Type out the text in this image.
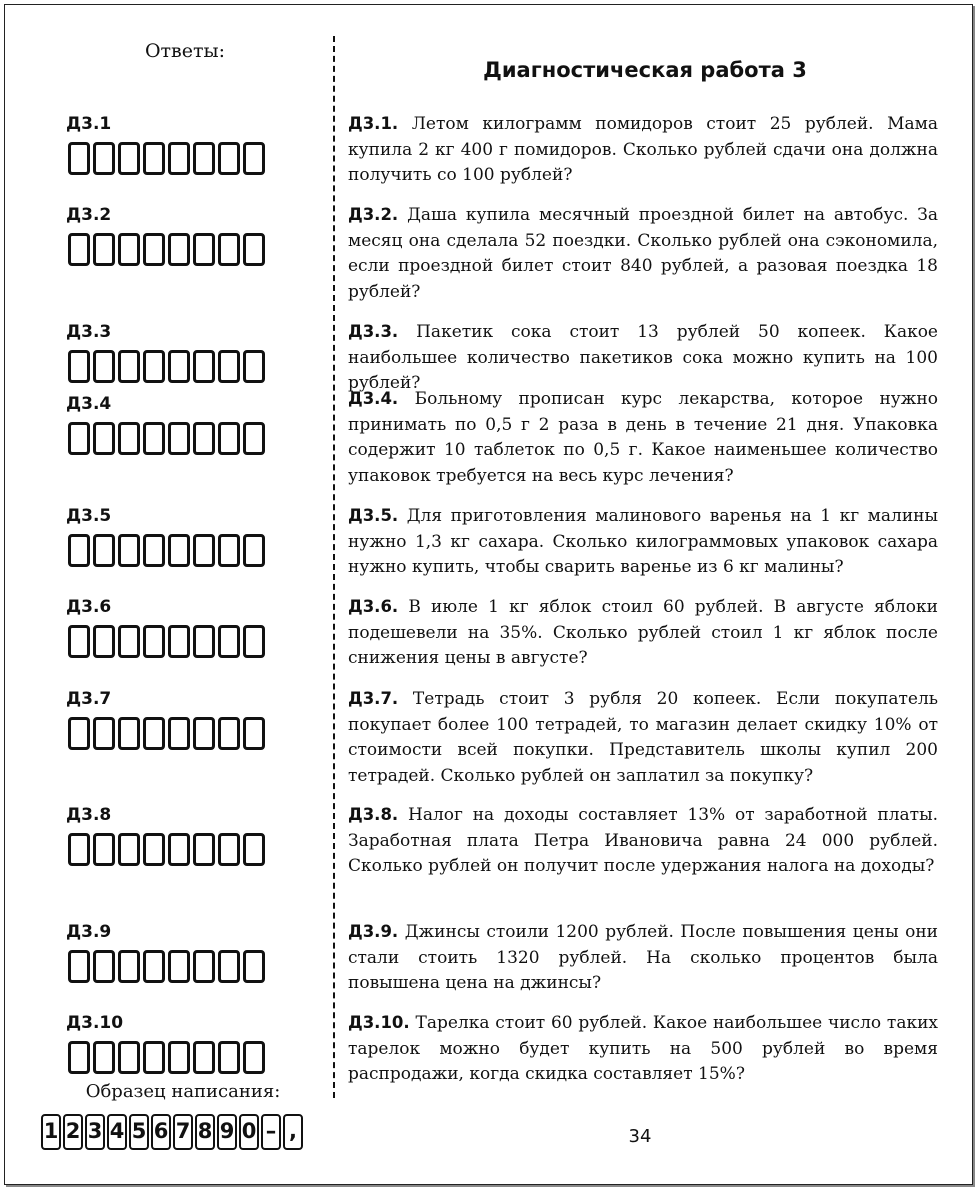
Ответы:
Диагностическая работа 3
Д3.1
Д3.2
Д3.3
Д3.4
Д3.5
Д3.6
Д3.7
Д3.8
Д3.9
Д3.10
Образец написания:
1 2 3 4 5 6 7 8 9 0 – ,
Д3.1. Летом килограмм помидоров стоит 25 рублей. Мама купила 2 кг 400 г помидоров. Сколько рублей сдачи она должна получить со 100 рублей?
Д3.2. Даша купила месячный проездной билет на автобус. За месяц она сделала 52 поездки. Сколько рублей она сэкономила, если проездной билет стоит 840 рублей, а разовая поездка 18 рублей?
Д3.3. Пакетик сока стоит 13 рублей 50 копеек. Какое наибольшее количество пакетиков сока можно купить на 100 рублей?
Д3.4. Больному прописан курс лекарства, которое нужно принимать по 0,5 г 2 раза в день в течение 21 дня. Упаковка содержит 10 таблеток по 0,5 г. Какое наименьшее количество упаковок требуется на весь курс лечения?
Д3.5. Для приготовления малинового варенья на 1 кг малины нужно 1,3 кг сахара. Сколько килограммовых упаковок сахара нужно купить, чтобы сварить варенье из 6 кг малины?
Д3.6. В июле 1 кг яблок стоил 60 рублей. В августе яблоки подешевели на 35%. Сколько рублей стоил 1 кг яблок после снижения цены в августе?
Д3.7. Тетрадь стоит 3 рубля 20 копеек. Если покупатель покупает более 100 тетрадей, то магазин делает скидку 10% от стоимости всей покупки. Представитель школы купил 200 тетрадей. Сколько рублей он заплатил за покупку?
Д3.8. Налог на доходы составляет 13% от заработной платы. Заработная плата Петра Ивановича равна 24 000 рублей. Сколько рублей он получит после удержания налога на доходы?
Д3.9. Джинсы стоили 1200 рублей. После повышения цены они стали стоить 1320 рублей. На сколько процентов была повышена цена на джинсы?
Д3.10. Тарелка стоит 60 рублей. Какое наибольшее число таких тарелок можно будет купить на 500 рублей во время распродажи, когда скидка составляет 15%?
34
